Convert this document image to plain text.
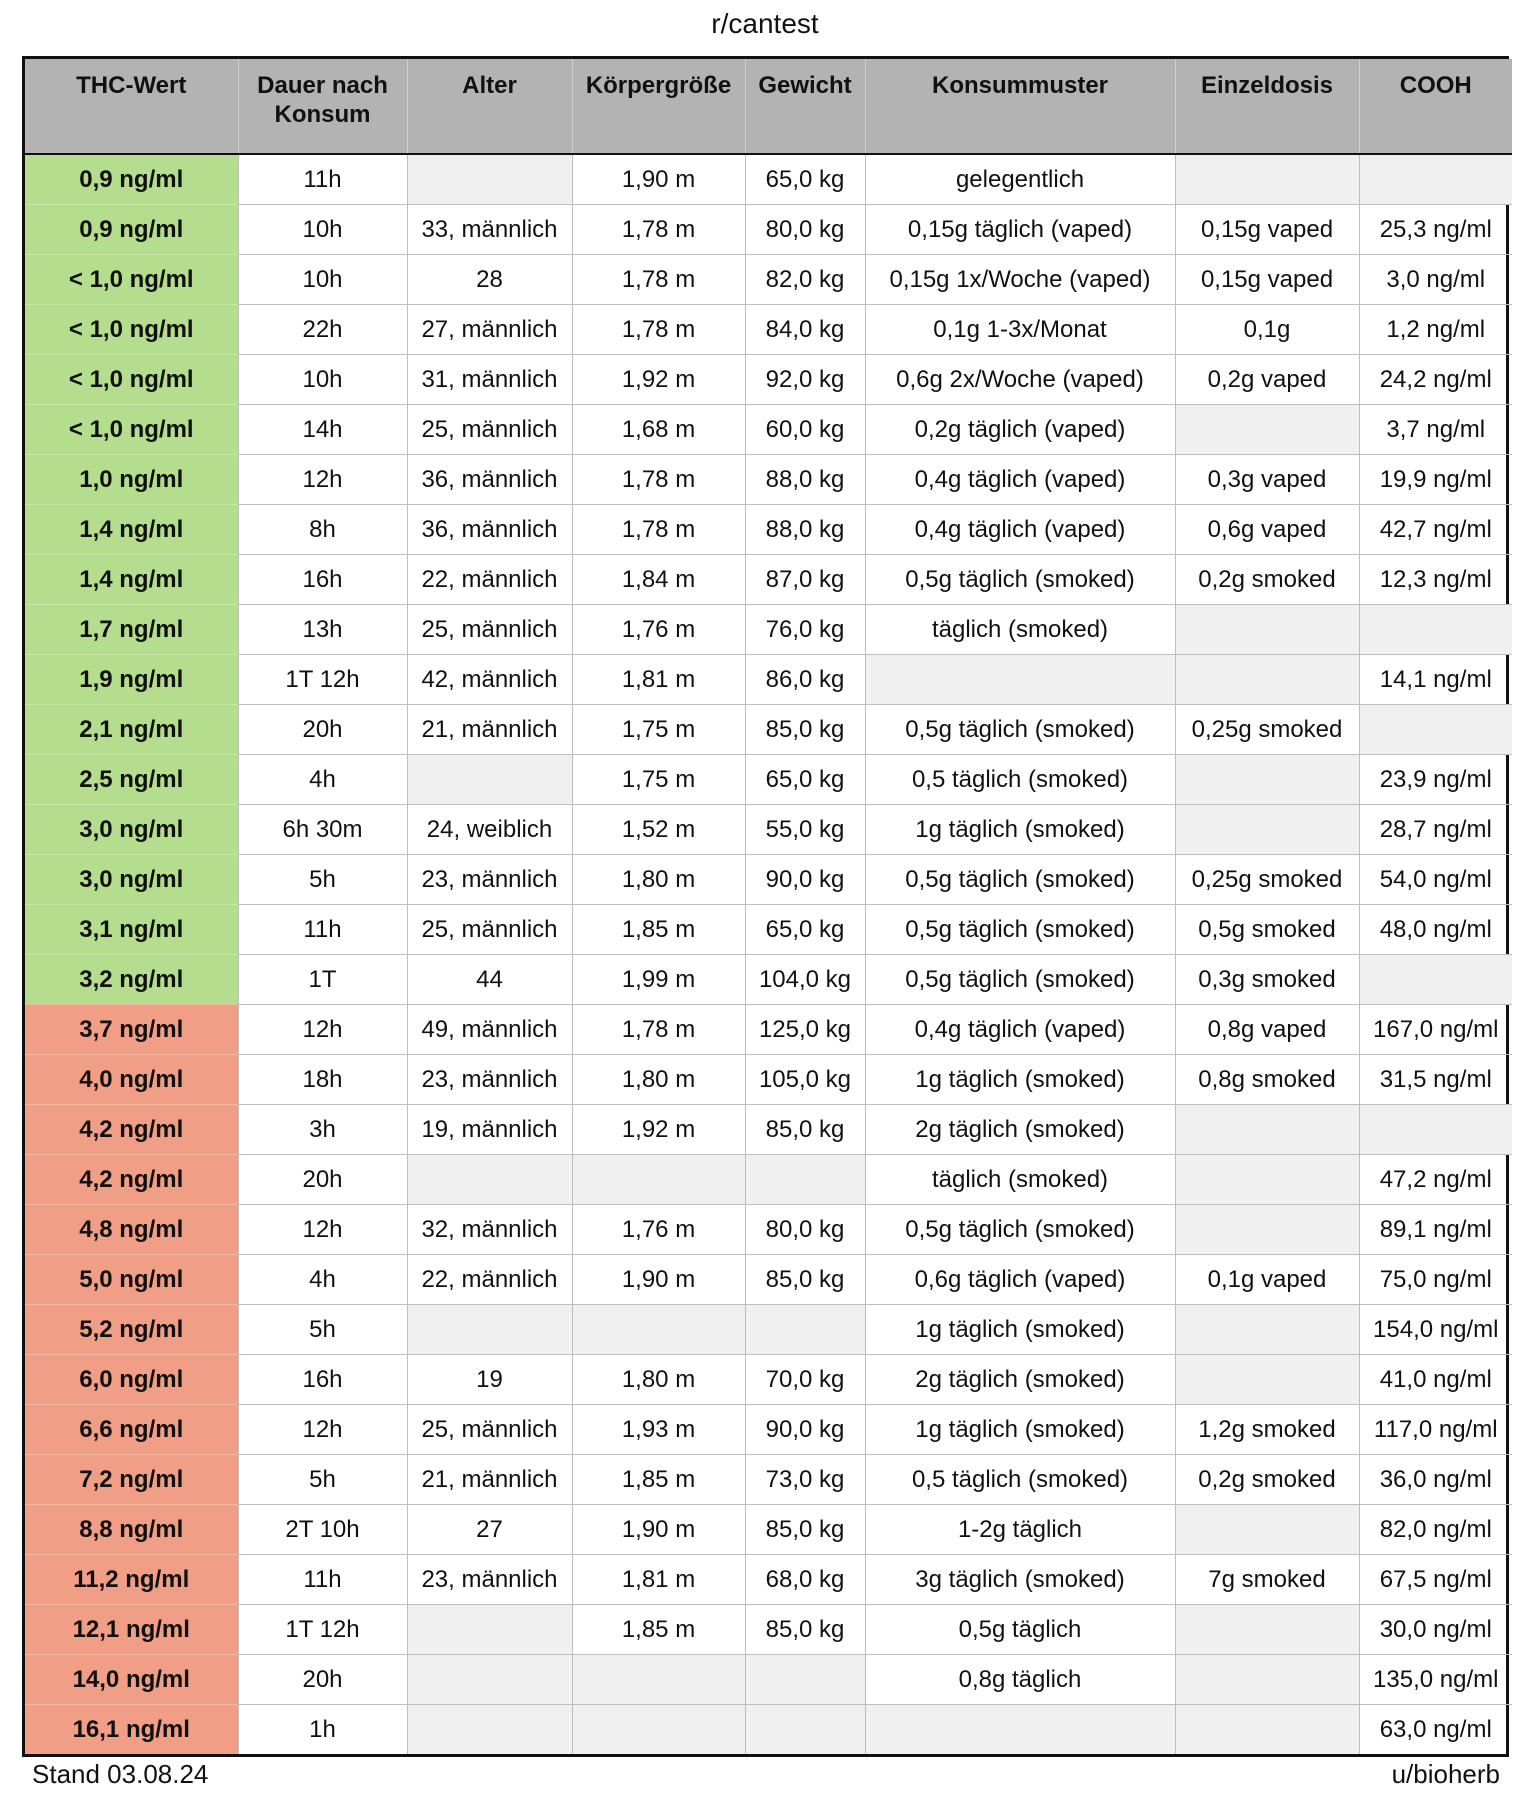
r/cantest
THC-Wert	Dauer nach Konsum	Alter	Körpergröße	Gewicht	Konsummuster	Einzeldosis	COOH
0,9 ng/ml	11h		1,90 m	65,0 kg	gelegentlich		
0,9 ng/ml	10h	33, männlich	1,78 m	80,0 kg	0,15g täglich (vaped)	0,15g vaped	25,3 ng/ml
< 1,0 ng/ml	10h	28	1,78 m	82,0 kg	0,15g 1x/Woche (vaped)	0,15g vaped	3,0 ng/ml
< 1,0 ng/ml	22h	27, männlich	1,78 m	84,0 kg	0,1g 1-3x/Monat	0,1g	1,2 ng/ml
< 1,0 ng/ml	10h	31, männlich	1,92 m	92,0 kg	0,6g 2x/Woche (vaped)	0,2g vaped	24,2 ng/ml
< 1,0 ng/ml	14h	25, männlich	1,68 m	60,0 kg	0,2g täglich (vaped)		3,7 ng/ml
1,0 ng/ml	12h	36, männlich	1,78 m	88,0 kg	0,4g täglich (vaped)	0,3g vaped	19,9 ng/ml
1,4 ng/ml	8h	36, männlich	1,78 m	88,0 kg	0,4g täglich (vaped)	0,6g vaped	42,7 ng/ml
1,4 ng/ml	16h	22, männlich	1,84 m	87,0 kg	0,5g täglich (smoked)	0,2g smoked	12,3 ng/ml
1,7 ng/ml	13h	25, männlich	1,76 m	76,0 kg	täglich (smoked)		
1,9 ng/ml	1T 12h	42, männlich	1,81 m	86,0 kg			14,1 ng/ml
2,1 ng/ml	20h	21, männlich	1,75 m	85,0 kg	0,5g täglich (smoked)	0,25g smoked	
2,5 ng/ml	4h		1,75 m	65,0 kg	0,5 täglich (smoked)		23,9 ng/ml
3,0 ng/ml	6h 30m	24, weiblich	1,52 m	55,0 kg	1g täglich (smoked)		28,7 ng/ml
3,0 ng/ml	5h	23, männlich	1,80 m	90,0 kg	0,5g täglich (smoked)	0,25g smoked	54,0 ng/ml
3,1 ng/ml	11h	25, männlich	1,85 m	65,0 kg	0,5g täglich (smoked)	0,5g smoked	48,0 ng/ml
3,2 ng/ml	1T	44	1,99 m	104,0 kg	0,5g täglich (smoked)	0,3g smoked	
3,7 ng/ml	12h	49, männlich	1,78 m	125,0 kg	0,4g täglich (vaped)	0,8g vaped	167,0 ng/ml
4,0 ng/ml	18h	23, männlich	1,80 m	105,0 kg	1g täglich (smoked)	0,8g smoked	31,5 ng/ml
4,2 ng/ml	3h	19, männlich	1,92 m	85,0 kg	2g täglich (smoked)		
4,2 ng/ml	20h				täglich (smoked)		47,2 ng/ml
4,8 ng/ml	12h	32, männlich	1,76 m	80,0 kg	0,5g täglich (smoked)		89,1 ng/ml
5,0 ng/ml	4h	22, männlich	1,90 m	85,0 kg	0,6g täglich (vaped)	0,1g vaped	75,0 ng/ml
5,2 ng/ml	5h				1g täglich (smoked)		154,0 ng/ml
6,0 ng/ml	16h	19	1,80 m	70,0 kg	2g täglich (smoked)		41,0 ng/ml
6,6 ng/ml	12h	25, männlich	1,93 m	90,0 kg	1g täglich (smoked)	1,2g smoked	117,0 ng/ml
7,2 ng/ml	5h	21, männlich	1,85 m	73,0 kg	0,5 täglich (smoked)	0,2g smoked	36,0 ng/ml
8,8 ng/ml	2T 10h	27	1,90 m	85,0 kg	1-2g täglich		82,0 ng/ml
11,2 ng/ml	11h	23, männlich	1,81 m	68,0 kg	3g täglich (smoked)	7g smoked	67,5 ng/ml
12,1 ng/ml	1T 12h		1,85 m	85,0 kg	0,5g täglich		30,0 ng/ml
14,0 ng/ml	20h				0,8g täglich		135,0 ng/ml
16,1 ng/ml	1h						63,0 ng/ml
Stand 03.08.24	u/bioherb
